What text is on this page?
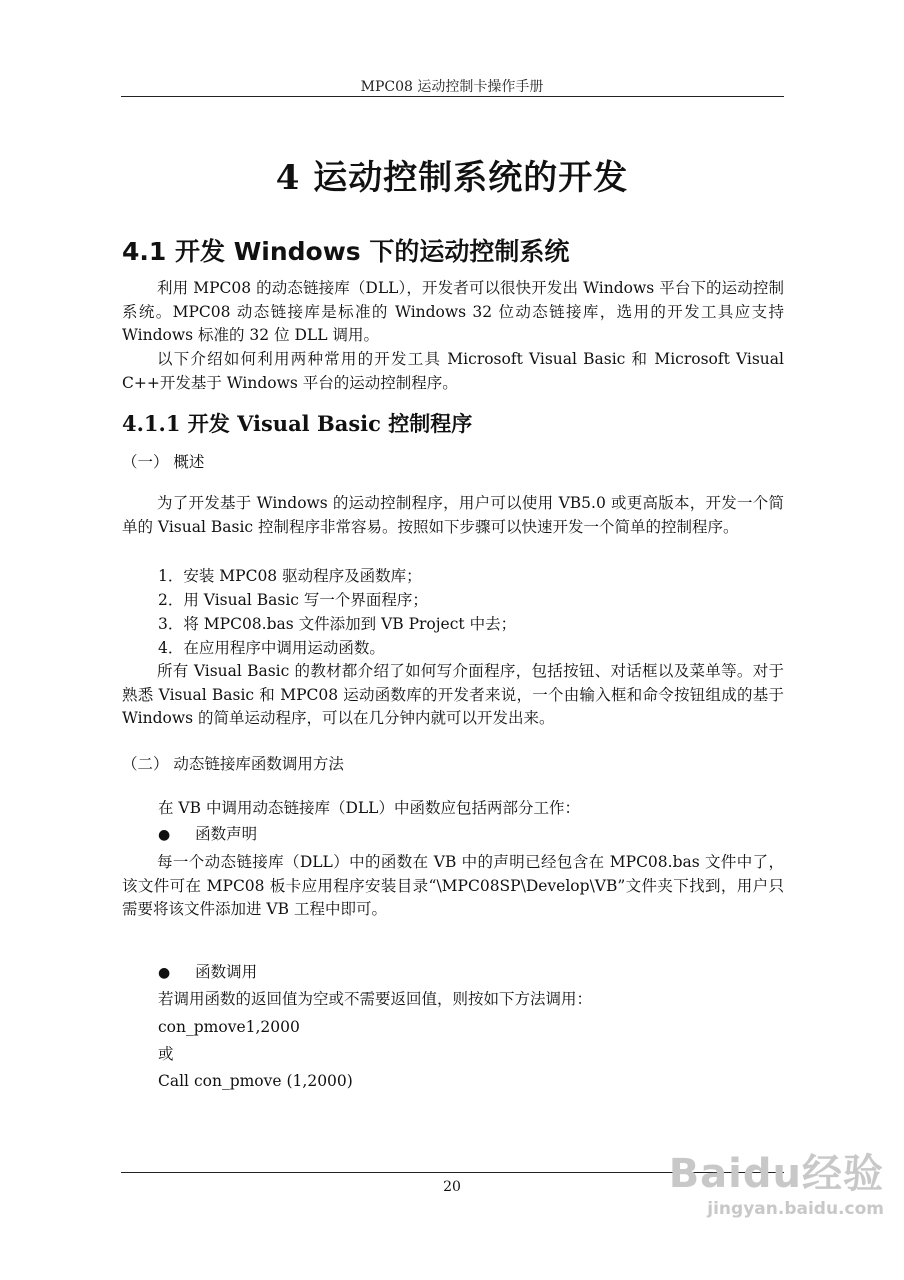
MPC08 运动控制卡操作手册
4 运动控制系统的开发
4.1 开发 Windows 下的运动控制系统
利用 MPC08 的动态链接库（DLL），开发者可以很快开发出 Windows 平台下的运动控制系统。MPC08 动态链接库是标准的 Windows 32 位动态链接库，选用的开发工具应支持 Windows 标准的 32 位 DLL 调用。
以下介绍如何利用两种常用的开发工具 Microsoft Visual Basic 和 Microsoft Visual C++开发基于 Windows 平台的运动控制程序。
4.1.1 开发 Visual Basic 控制程序
（一） 概述
为了开发基于 Windows 的运动控制程序，用户可以使用 VB5.0 或更高版本，开发一个简单的 Visual Basic 控制程序非常容易。按照如下步骤可以快速开发一个简单的控制程序。
1．安装 MPC08 驱动程序及函数库；
2．用 Visual Basic 写一个界面程序；
3．将 MPC08.bas 文件添加到 VB Project 中去；
4．在应用程序中调用运动函数。
所有 Visual Basic 的教材都介绍了如何写介面程序，包括按钮、对话框以及菜单等。对于熟悉 Visual Basic 和 MPC08 运动函数库的开发者来说，一个由输入框和命令按钮组成的基于 Windows 的简单运动程序，可以在几分钟内就可以开发出来。
（二） 动态链接库函数调用方法
在 VB 中调用动态链接库（DLL）中函数应包括两部分工作：
● 函数声明
每一个动态链接库（DLL）中的函数在 VB 中的声明已经包含在 MPC08.bas 文件中了，该文件可在 MPC08 板卡应用程序安装目录“\MPC08SP\Develop\VB”文件夹下找到，用户只需要将该文件添加进 VB 工程中即可。
● 函数调用
若调用函数的返回值为空或不需要返回值，则按如下方法调用：
con_pmove1,2000
或
Call con_pmove (1,2000)
20	Baidu经验
jingyan.baidu.com
